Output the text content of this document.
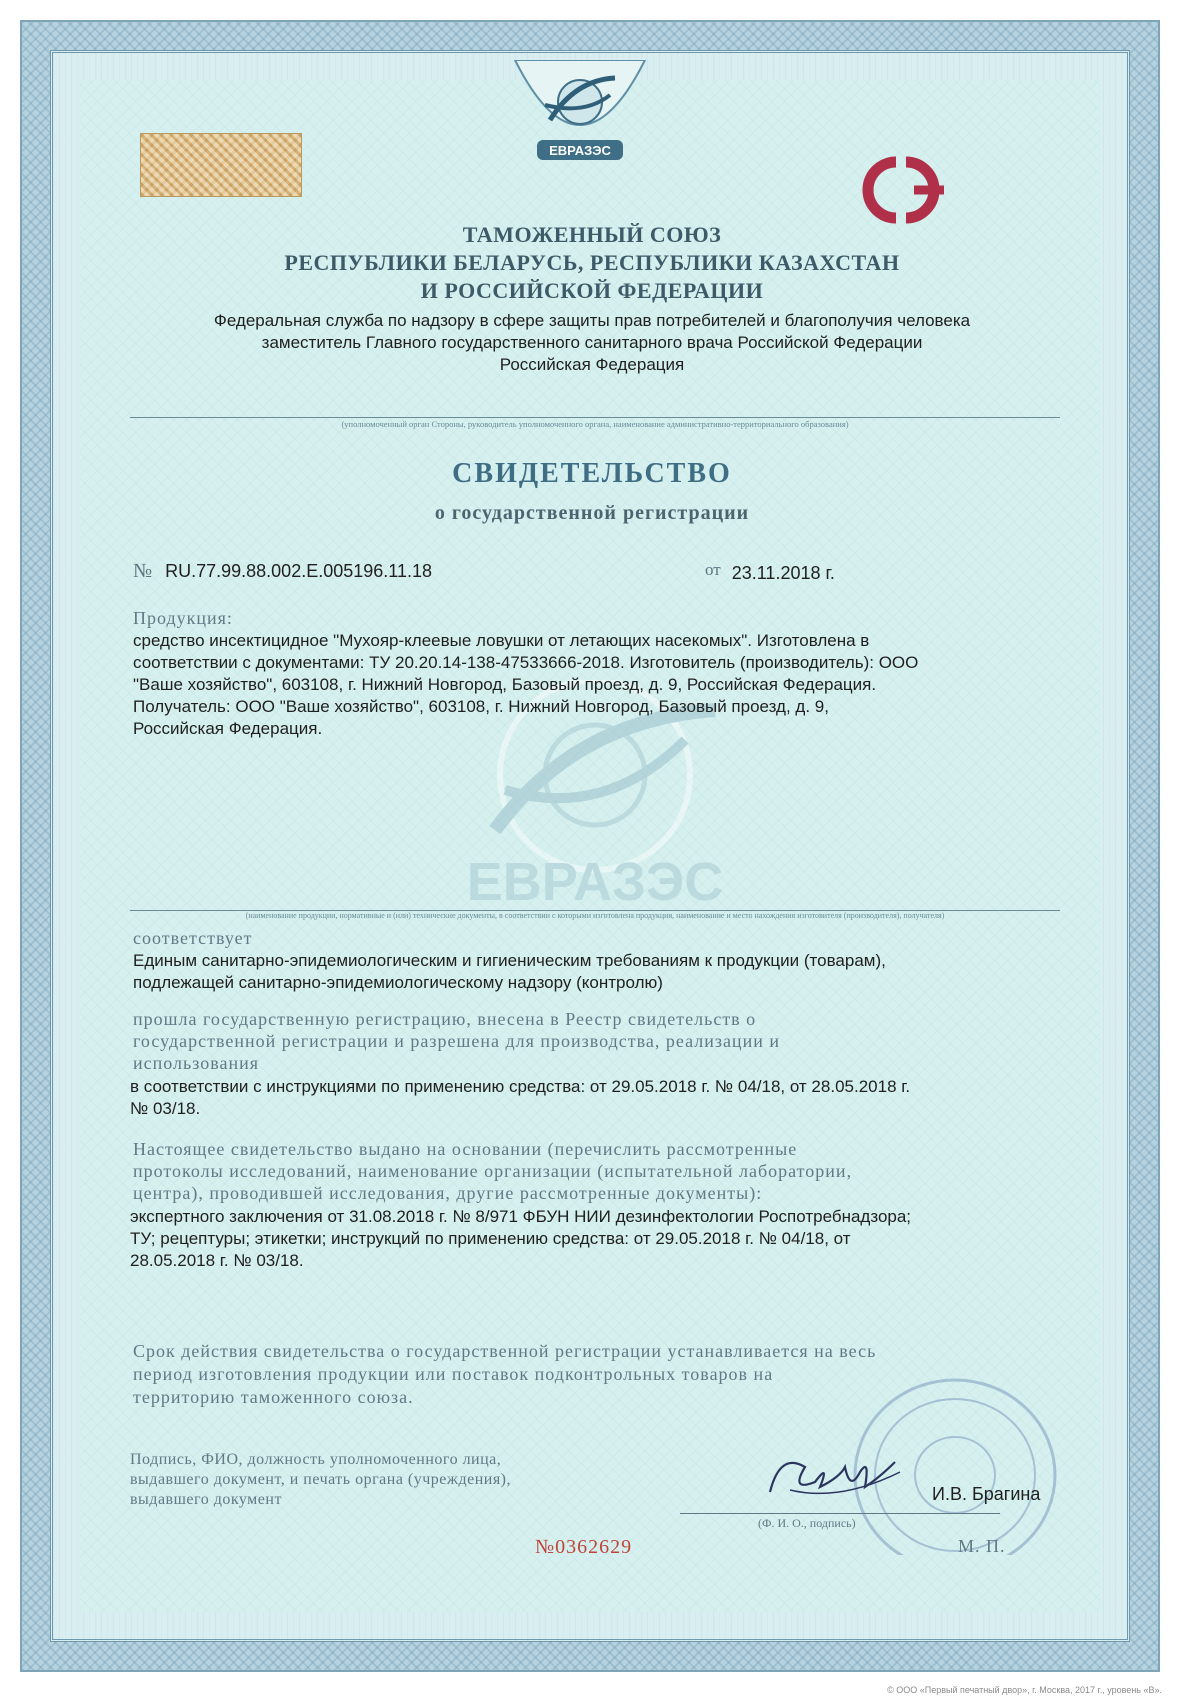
ЕВРАЗЭС
ТАМОЖЕННЫЙ СОЮЗ
РЕСПУБЛИКИ БЕЛАРУСЬ, РЕСПУБЛИКИ КАЗАХСТАН
И РОССИЙСКОЙ ФЕДЕРАЦИИ
Федеральная служба по надзору в сфере защиты прав потребителей и благополучия человека
заместитель Главного государственного санитарного врача Российской Федерации
Российская Федерация
(уполномоченный орган Стороны, руководитель уполномоченного органа, наименование административно-территориального образования)
СВИДЕТЕЛЬСТВО
о государственной регистрации
№ RU.77.99.88.002.Е.005196.11.18	от 23.11.2018 г.
ЕВРАЗЭС
Продукция:
средство инсектицидное "Мухояр-клеевые ловушки от летающих насекомых". Изготовлена в
соответствии с документами: ТУ 20.20.14-138-47533666-2018. Изготовитель (производитель): ООО
"Ваше хозяйство", 603108, г. Нижний Новгород, Базовый проезд, д. 9, Российская Федерация.
Получатель: ООО "Ваше хозяйство", 603108, г. Нижний Новгород, Базовый проезд, д. 9,
Российская Федерация.
(наименование продукции, нормативные и (или) технические документы, в соответствии с которыми изготовлена продукция, наименование и место нахождения изготовителя (производителя), получателя)
соответствует
Единым санитарно-эпидемиологическим и гигиеническим требованиям к продукции (товарам),
подлежащей санитарно-эпидемиологическому надзору (контролю)
прошла государственную регистрацию, внесена в Реестр свидетельств о
государственной регистрации и разрешена для производства, реализации и
использования
в соответствии с инструкциями по применению средства: от 29.05.2018 г. № 04/18, от 28.05.2018 г.
№ 03/18.
Настоящее свидетельство выдано на основании (перечислить рассмотренные
протоколы исследований, наименование организации (испытательной лаборатории,
центра), проводившей исследования, другие рассмотренные документы):
экспертного заключения от 31.08.2018 г. № 8/971 ФБУН НИИ дезинфектологии Роспотребнадзора;
ТУ; рецептуры; этикетки; инструкций по применению средства: от 29.05.2018 г. № 04/18, от
28.05.2018 г. № 03/18.
Срок действия свидетельства о государственной регистрации устанавливается на весь
период изготовления продукции или поставок подконтрольных товаров на
территорию таможенного союза.
Подпись, ФИО, должность уполномоченного лица,
выдавшего документ, и печать органа (учреждения),
выдавшего документ	И.В. Брагина
(Ф. И. О., подпись)
№0362629	М. П.
© ООО «Первый печатный двор», г. Москва, 2017 г., уровень «В».
